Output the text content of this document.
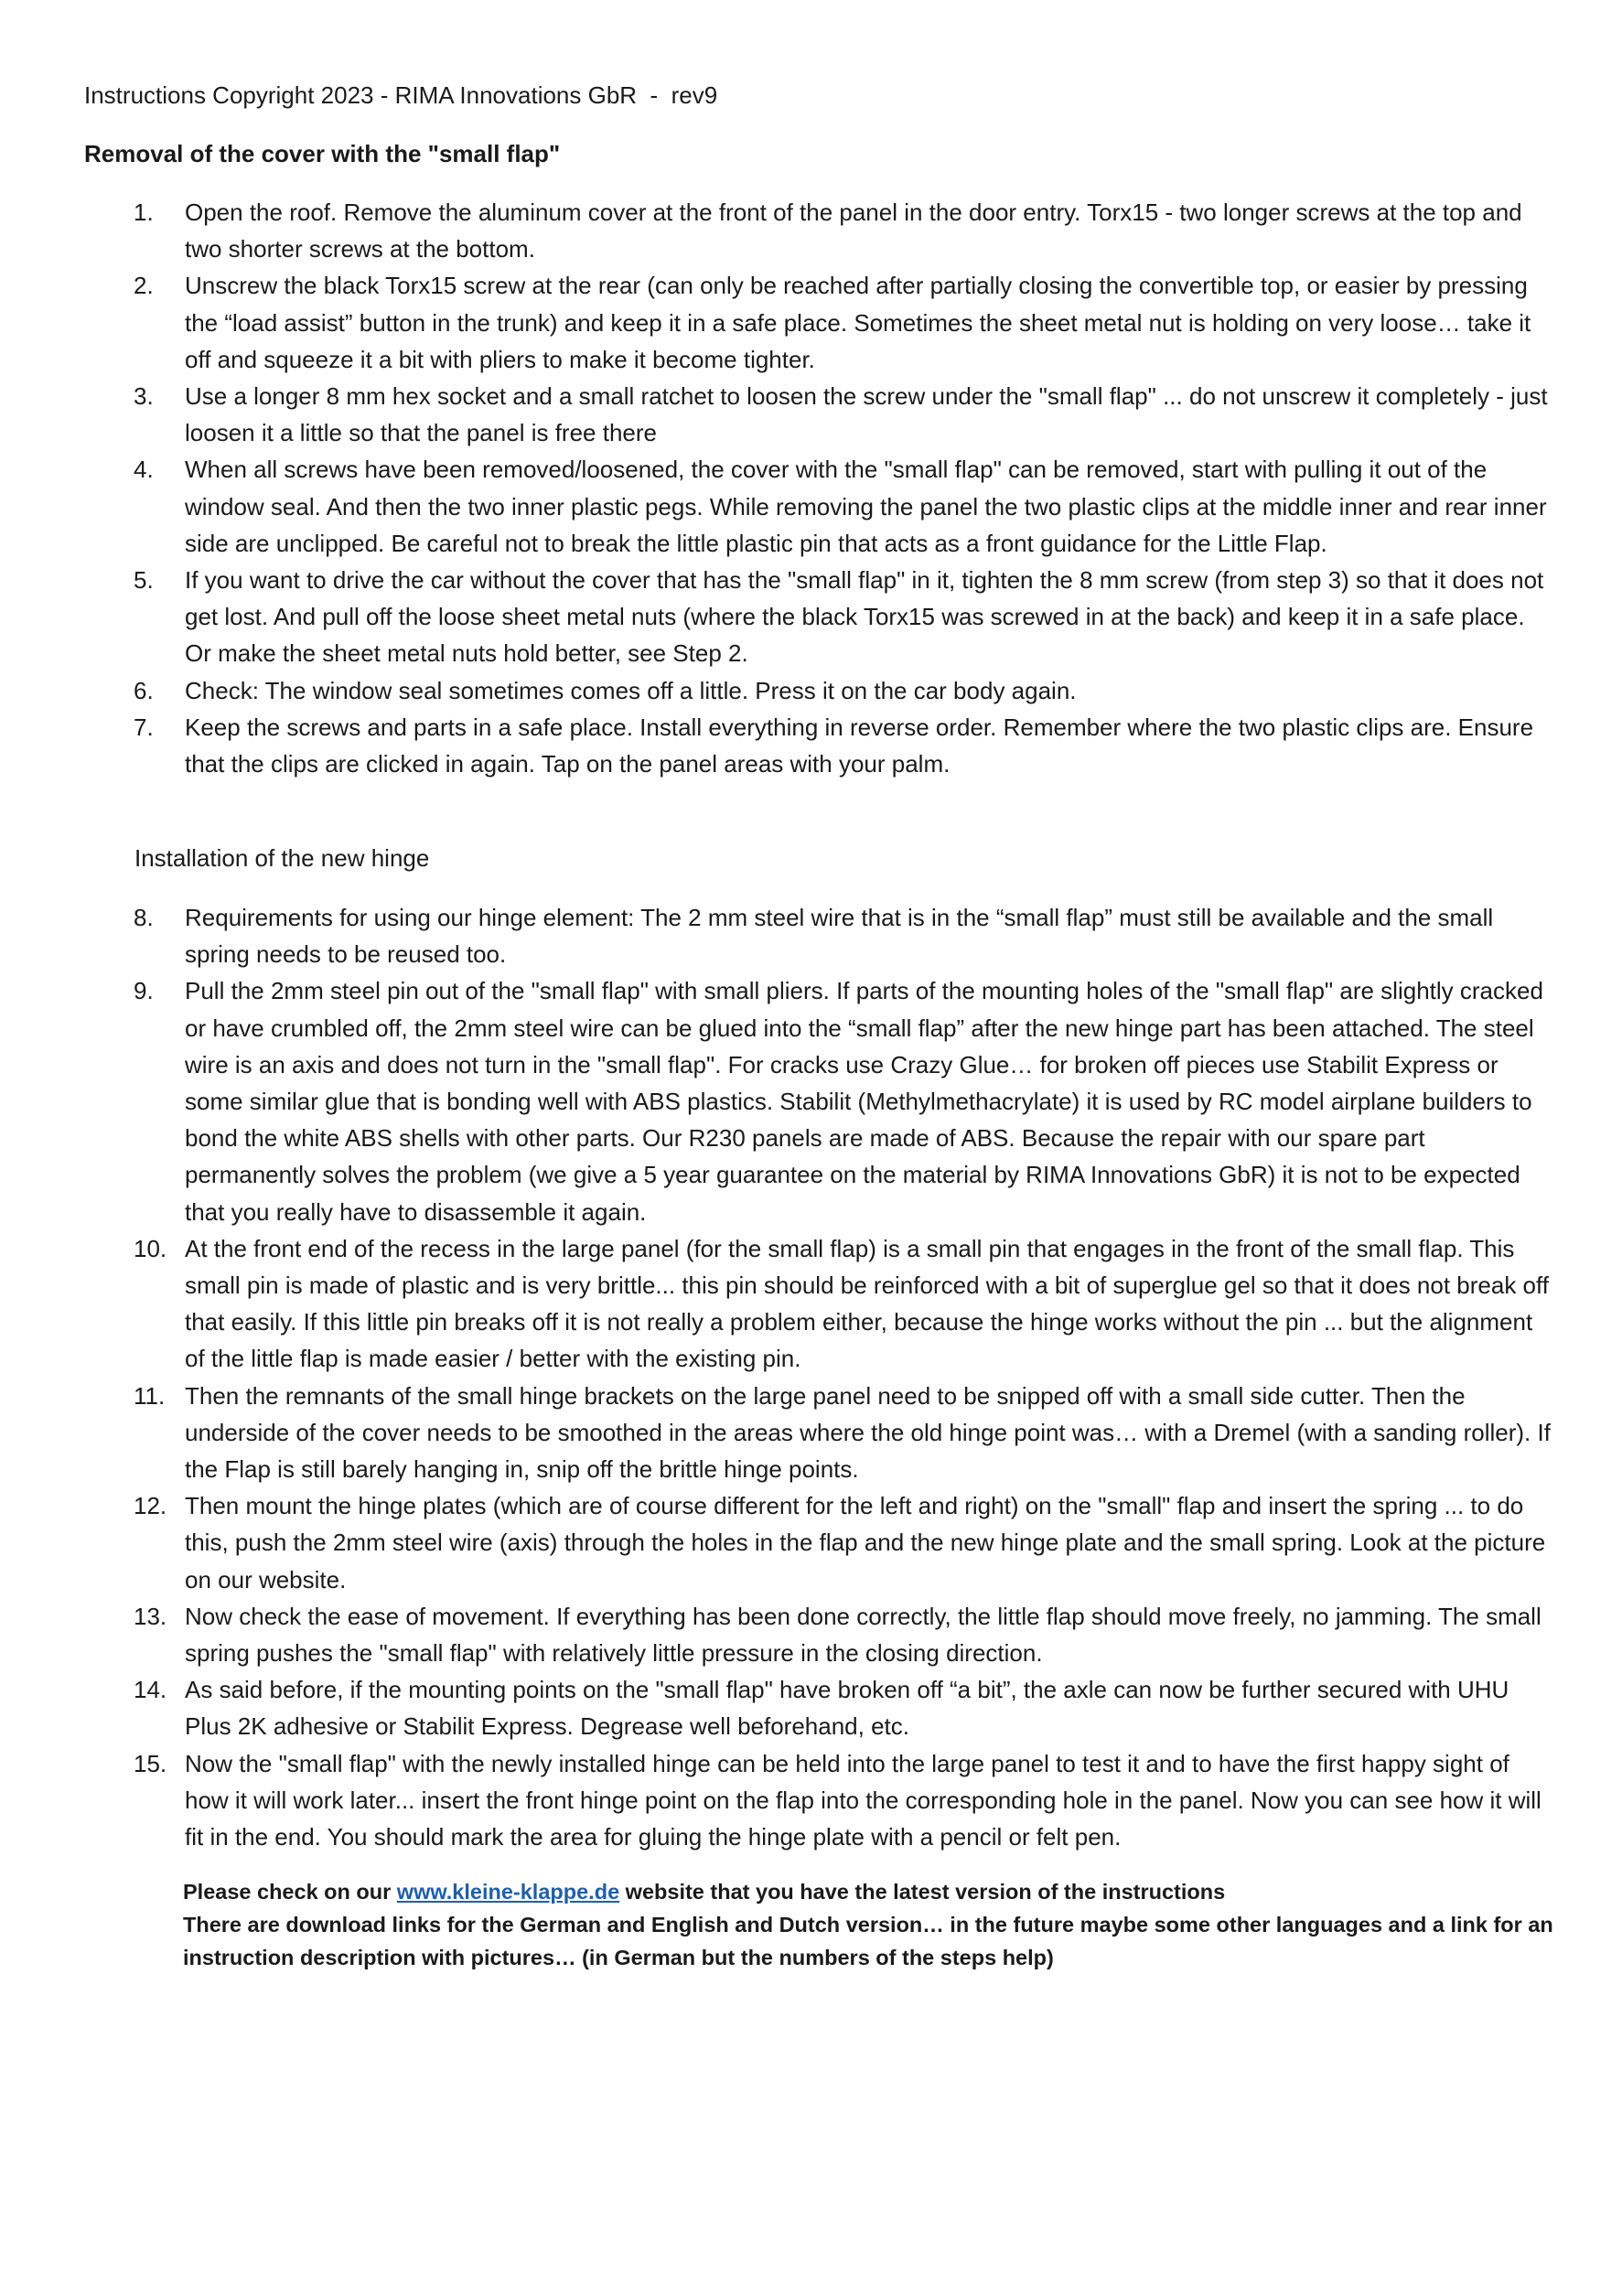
Instructions Copyright 2023 - RIMA Innovations GbR  -  rev9
Removal of the cover with the "small flap"
1. Open the roof. Remove the aluminum cover at the front of the panel in the door entry. Torx15 - two longer screws at the top and two shorter screws at the bottom.
2. Unscrew the black Torx15 screw at the rear (can only be reached after partially closing the convertible top, or easier by pressing the “load assist” button in the trunk) and keep it in a safe place. Sometimes the sheet metal nut is holding on very loose… take it off and squeeze it a bit with pliers to make it become tighter.
3. Use a longer 8 mm hex socket and a small ratchet to loosen the screw under the "small flap" ... do not unscrew it completely - just loosen it a little so that the panel is free there
4. When all screws have been removed/loosened, the cover with the "small flap" can be removed, start with pulling it out of the window seal. And then the two inner plastic pegs. While removing the panel the two plastic clips at the middle inner and rear inner side are unclipped. Be careful not to break the little plastic pin that acts as a front guidance for the Little Flap.
5. If you want to drive the car without the cover that has the "small flap" in it, tighten the 8 mm screw (from step 3) so that it does not get lost. And pull off the loose sheet metal nuts (where the black Torx15 was screwed in at the back) and keep it in a safe place. Or make the sheet metal nuts hold better, see Step 2.
6. Check: The window seal sometimes comes off a little. Press it on the car body again.
7. Keep the screws and parts in a safe place. Install everything in reverse order. Remember where the two plastic clips are. Ensure that the clips are clicked in again. Tap on the panel areas with your palm.
Installation of the new hinge
8. Requirements for using our hinge element: The 2 mm steel wire that is in the “small flap” must still be available and the small spring needs to be reused too.
9. Pull the 2mm steel pin out of the "small flap" with small pliers. If parts of the mounting holes of the "small flap" are slightly cracked or have crumbled off, the 2mm steel wire can be glued into the “small flap” after the new hinge part has been attached. The steel wire is an axis and does not turn in the "small flap". For cracks use Crazy Glue… for broken off pieces use Stabilit Express or some similar glue that is bonding well with ABS plastics. Stabilit (Methylmethacrylate) it is used by RC model airplane builders to bond the white ABS shells with other parts. Our R230 panels are made of ABS. Because the repair with our spare part permanently solves the problem (we give a 5 year guarantee on the material by RIMA Innovations GbR) it is not to be expected that you really have to disassemble it again.
10. At the front end of the recess in the large panel (for the small flap) is a small pin that engages in the front of the small flap. This small pin is made of plastic and is very brittle... this pin should be reinforced with a bit of superglue gel so that it does not break off that easily. If this little pin breaks off it is not really a problem either, because the hinge works without the pin ... but the alignment of the little flap is made easier / better with the existing pin.
11. Then the remnants of the small hinge brackets on the large panel need to be snipped off with a small side cutter. Then the underside of the cover needs to be smoothed in the areas where the old hinge point was… with a Dremel (with a sanding roller). If the Flap is still barely hanging in, snip off the brittle hinge points.
12. Then mount the hinge plates (which are of course different for the left and right) on the "small" flap and insert the spring ... to do this, push the 2mm steel wire (axis) through the holes in the flap and the new hinge plate and the small spring. Look at the picture on our website.
13. Now check the ease of movement. If everything has been done correctly, the little flap should move freely, no jamming. The small spring pushes the "small flap" with relatively little pressure in the closing direction.
14. As said before, if the mounting points on the "small flap" have broken off “a bit”, the axle can now be further secured with UHU Plus 2K adhesive or Stabilit Express. Degrease well beforehand, etc.
15. Now the "small flap" with the newly installed hinge can be held into the large panel to test it and to have the first happy sight of how it will work later... insert the front hinge point on the flap into the corresponding hole in the panel. Now you can see how it will fit in the end. You should mark the area for gluing the hinge plate with a pencil or felt pen.

Please check on our www.kleine-klappe.de website that you have the latest version of the instructions

There are download links for the German and English and Dutch version… in the future maybe some other languages and a link for an instruction description with pictures… (in German but the numbers of the steps help)
